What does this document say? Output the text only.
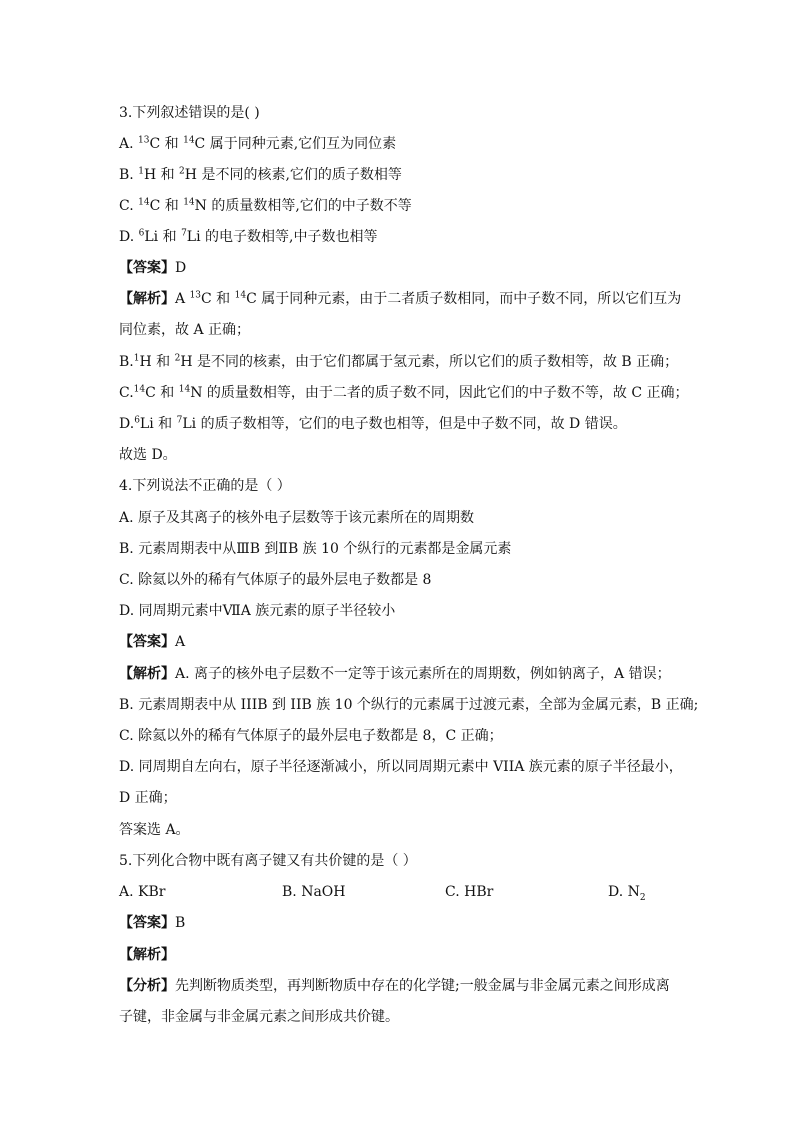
3.下列叙述错误的是( )
A. $^{13}$C 和 $^{14}$C 属于同种元素,它们互为同位素
B. $^1$H 和 $^2$H 是不同的核素,它们的质子数相等
C. $^{14}$C 和 $^{14}$N 的质量数相等,它们的中子数不等
D. $^6$Li 和 $^7$Li 的电子数相等,中子数也相等
【答案】D
【解析】A $^{13}$C 和 $^{14}$C 属于同种元素，由于二者质子数相同，而中子数不同，所以它们互为
同位素，故 A 正确；
B.$^1$H 和 $^2$H 是不同的核素，由于它们都属于氢元素，所以它们的质子数相等，故 B 正确；
C.$^{14}$C 和 $^{14}$N 的质量数相等，由于二者的质子数不同，因此它们的中子数不等，故 C 正确；
D.$^6$Li 和 $^7$Li 的质子数相等，它们的电子数也相等，但是中子数不同，故 D 错误。
故选 D。
4.下列说法不正确的是（ ）
A. 原子及其离子的核外电子层数等于该元素所在的周期数
B. 元素周期表中从ⅢB 到ⅡB 族 10 个纵行的元素都是金属元素
C. 除氦以外的稀有气体原子的最外层电子数都是 8
D. 同周期元素中ⅦA 族元素的原子半径较小
【答案】A
【解析】A. 离子的核外电子层数不一定等于该元素所在的周期数，例如钠离子，A 错误；
B. 元素周期表中从 IIIB 到 IIB 族 10 个纵行的元素属于过渡元素，全部为金属元素，B 正确;
C. 除氦以外的稀有气体原子的最外层电子数都是 8，C 正确；
D. 同周期自左向右，原子半径逐渐减小，所以同周期元素中 VIIA 族元素的原子半径最小，
D 正确；
答案选 A。
5.下列化合物中既有离子键又有共价键的是（ ）
A. KBr	B. NaOH	C. HBr	D. $N_2$
【答案】B
【解析】
【分析】先判断物质类型，再判断物质中存在的化学键;一般金属与非金属元素之间形成离
子键，非金属与非金属元素之间形成共价键。
